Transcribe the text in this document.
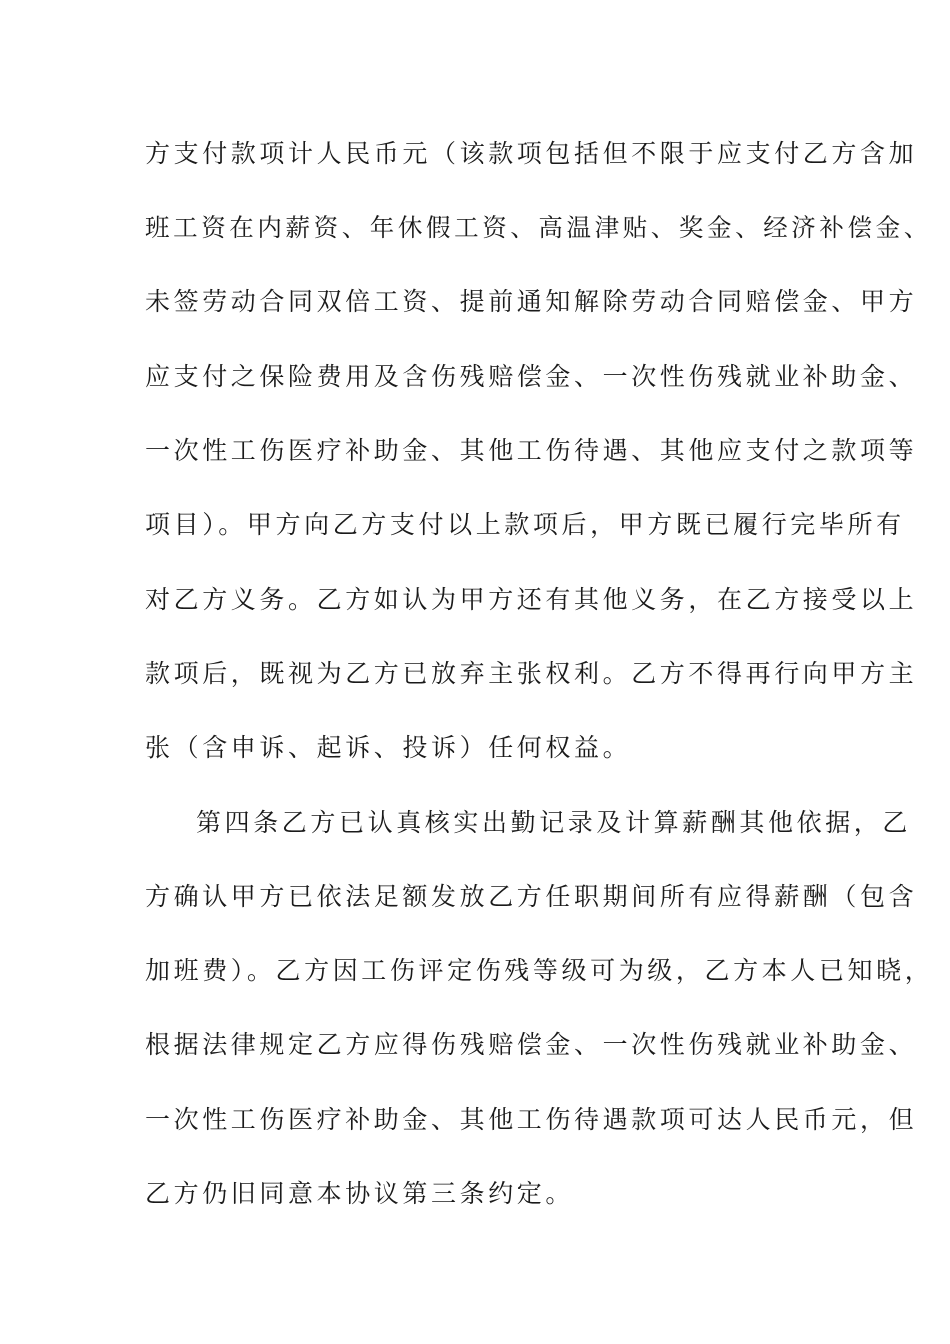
方支付款项计人民币元（该款项包括但不限于应支付乙方含加
班工资在内薪资、年休假工资、高温津贴、奖金、经济补偿金、
未签劳动合同双倍工资、提前通知解除劳动合同赔偿金、甲方
应支付之保险费用及含伤残赔偿金、一次性伤残就业补助金、
一次性工伤医疗补助金、其他工伤待遇、其他应支付之款项等
项目）。甲方向乙方支付以上款项后，甲方既已履行完毕所有
对乙方义务。乙方如认为甲方还有其他义务，在乙方接受以上
款项后，既视为乙方已放弃主张权利。乙方不得再行向甲方主
张（含申诉、起诉、投诉）任何权益。
第四条乙方已认真核实出勤记录及计算薪酬其他依据，乙
方确认甲方已依法足额发放乙方任职期间所有应得薪酬（包含
加班费）。乙方因工伤评定伤残等级可为级，乙方本人已知晓，
根据法律规定乙方应得伤残赔偿金、一次性伤残就业补助金、
一次性工伤医疗补助金、其他工伤待遇款项可达人民币元，但
乙方仍旧同意本协议第三条约定。
